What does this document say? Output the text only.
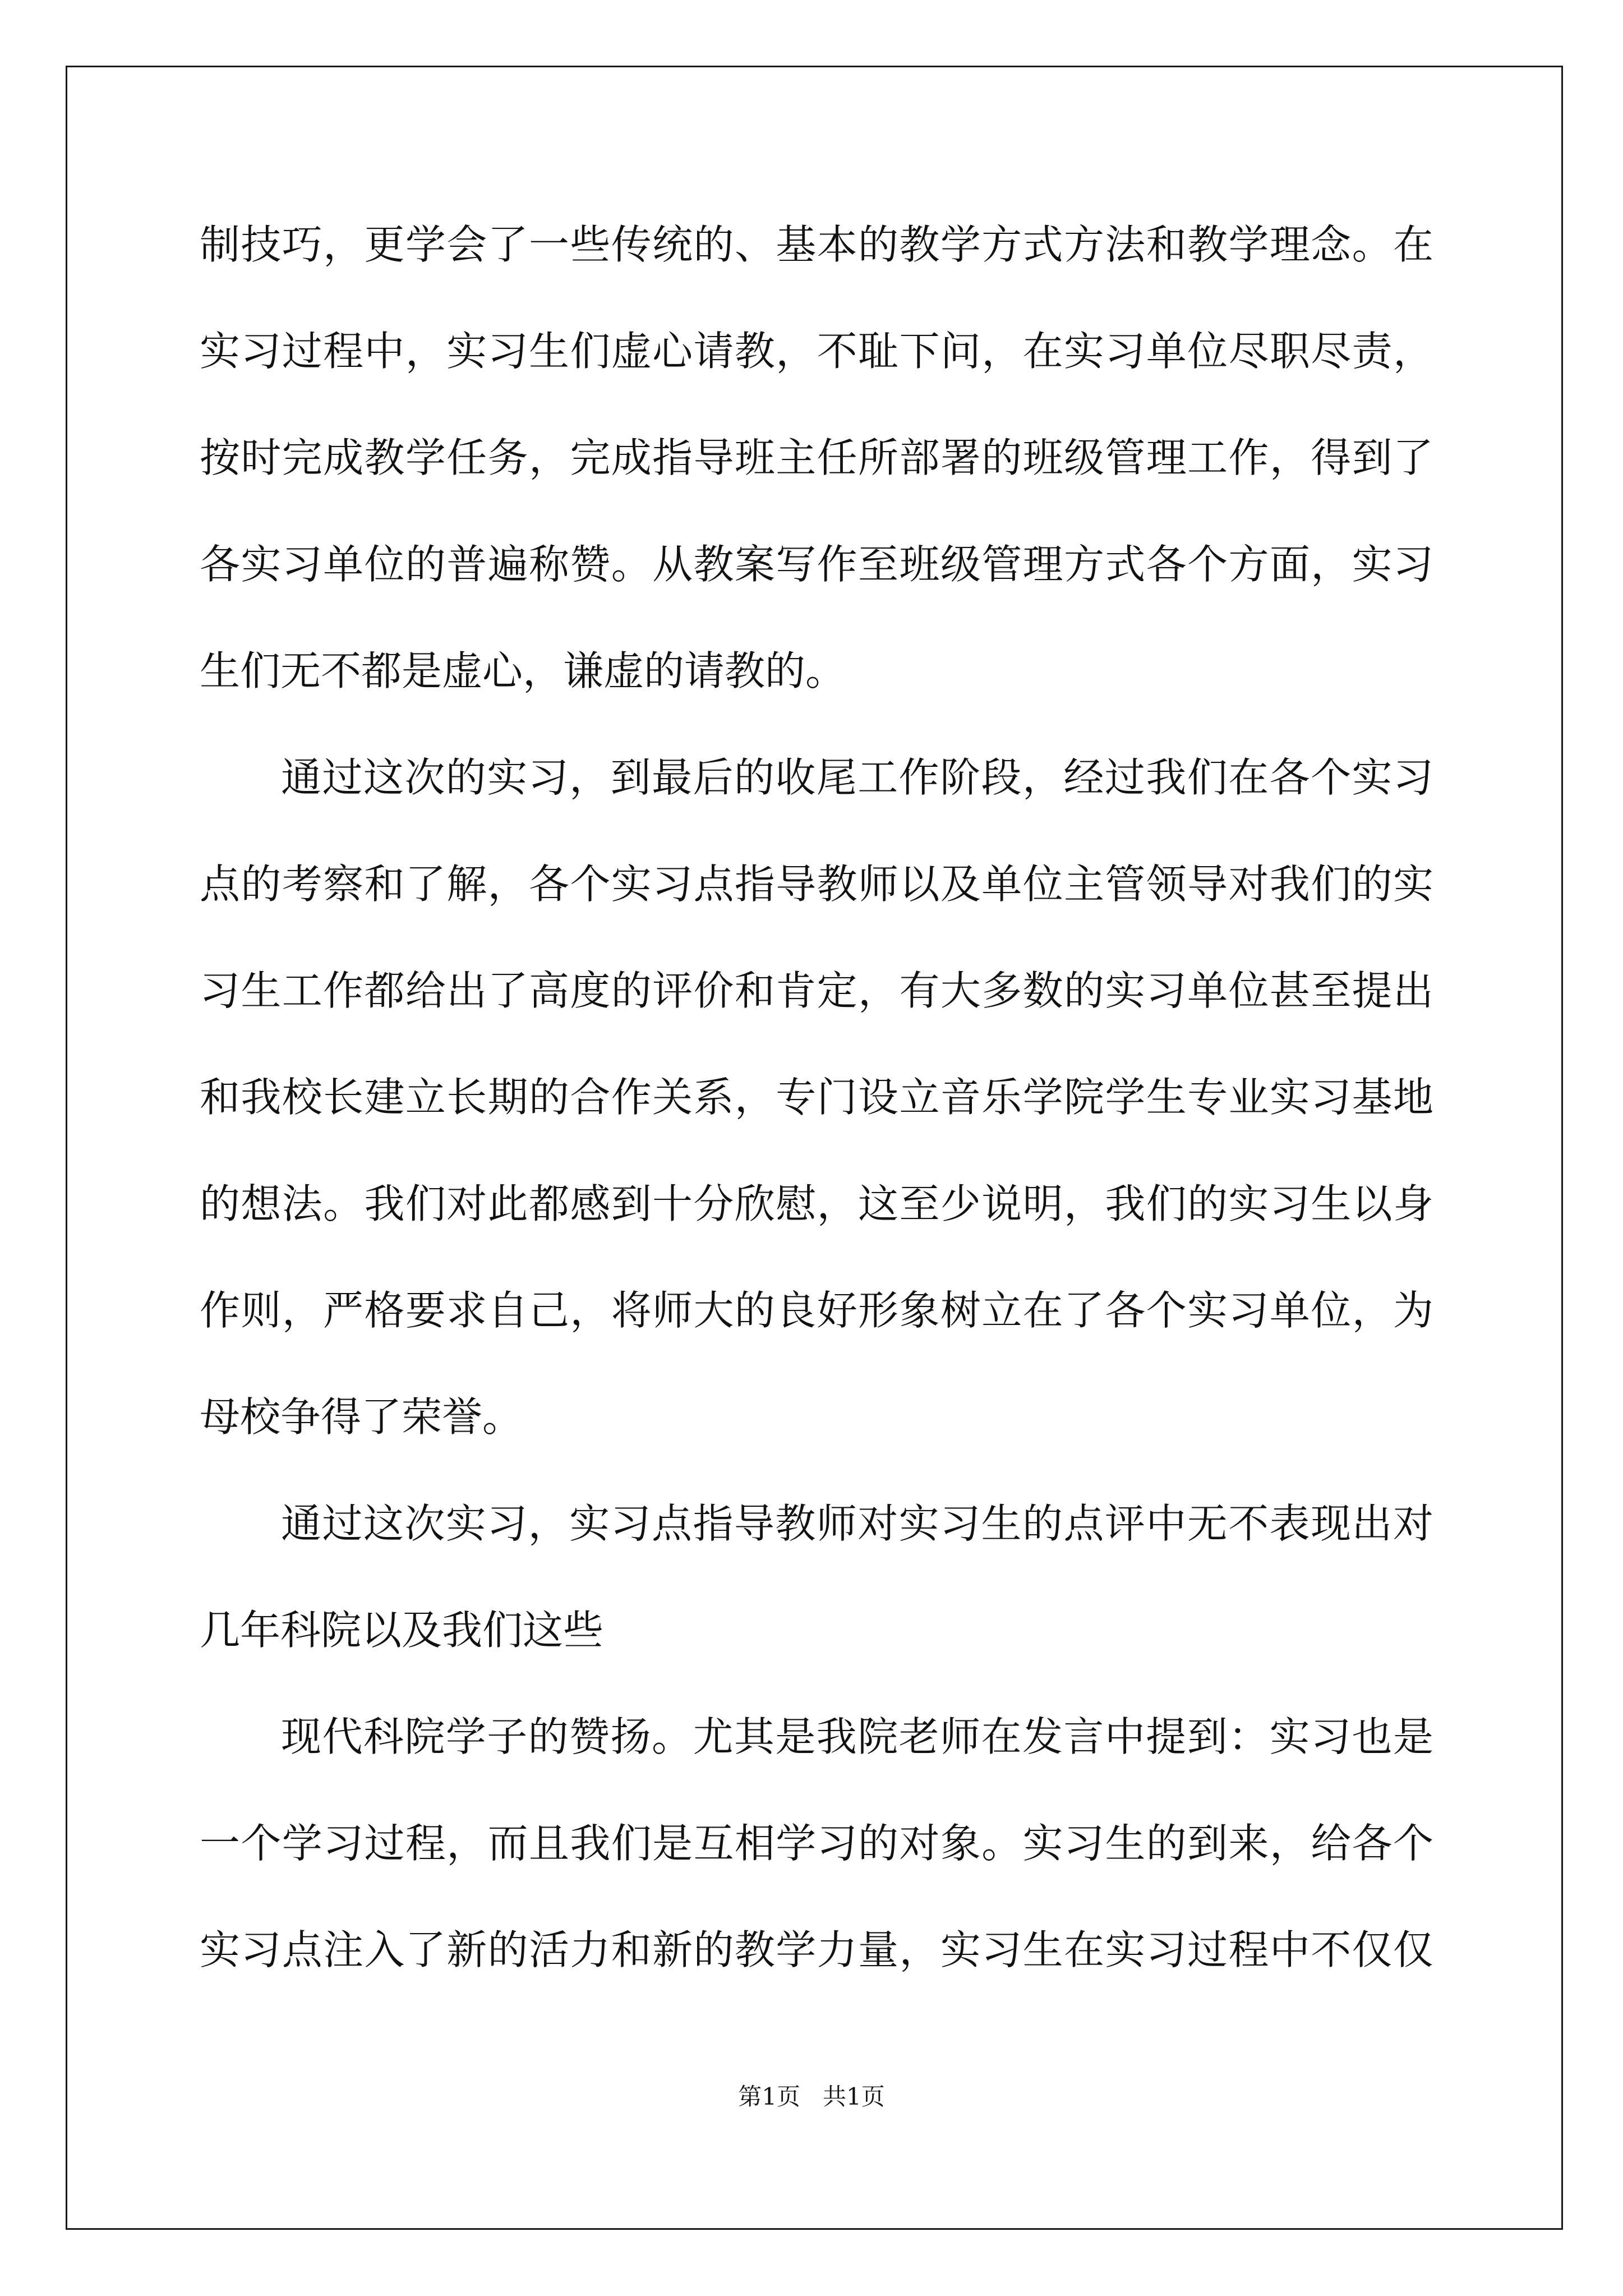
制技巧，更学会了一些传统的、基本的教学方式方法和教学理念。在
实习过程中，实习生们虚心请教，不耻下问，在实习单位尽职尽责，
按时完成教学任务，完成指导班主任所部署的班级管理工作，得到了
各实习单位的普遍称赞。从教案写作至班级管理方式各个方面，实习
生们无不都是虚心，谦虚的请教的。
通过这次的实习，到最后的收尾工作阶段，经过我们在各个实习
点的考察和了解，各个实习点指导教师以及单位主管领导对我们的实
习生工作都给出了高度的评价和肯定，有大多数的实习单位甚至提出
和我校长建立长期的合作关系，专门设立音乐学院学生专业实习基地
的想法。我们对此都感到十分欣慰，这至少说明，我们的实习生以身
作则，严格要求自己，将师大的良好形象树立在了各个实习单位，为
母校争得了荣誉。
通过这次实习，实习点指导教师对实习生的点评中无不表现出对
几年科院以及我们这些
现代科院学子的赞扬。尤其是我院老师在发言中提到：实习也是
一个学习过程，而且我们是互相学习的对象。实习生的到来，给各个
实习点注入了新的活力和新的教学力量，实习生在实习过程中不仅仅
第1页   共1页
